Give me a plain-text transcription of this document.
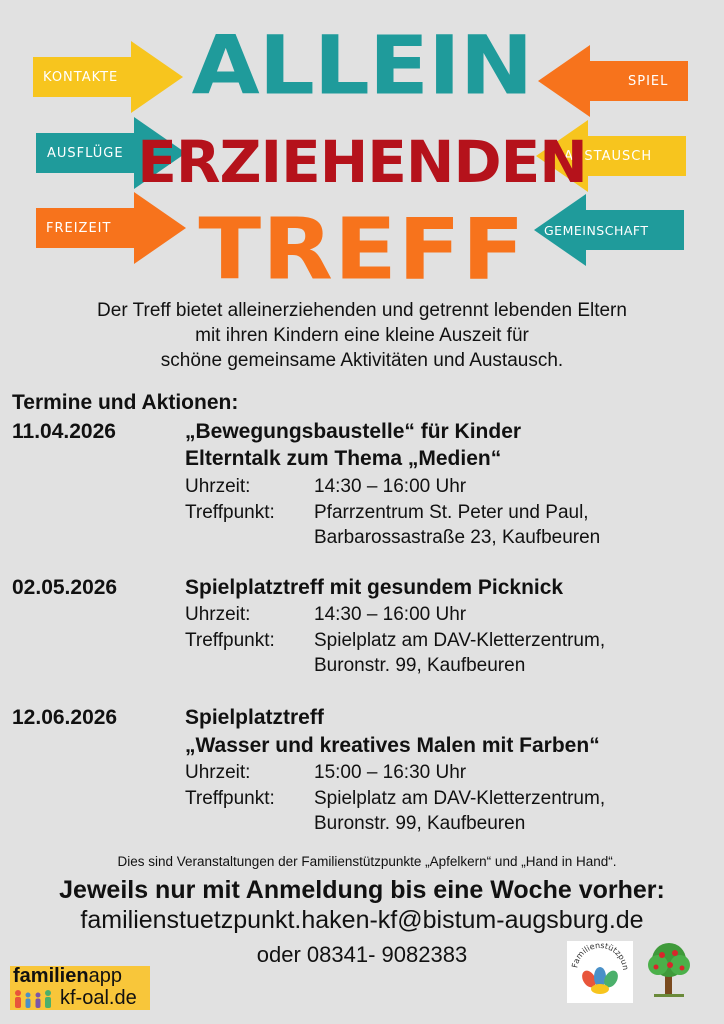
KONTAKTE
AUSFLÜGE
FREIZEIT
SPIEL
AUSTAUSCH
GEMEINSCHAFT
ALLEIN
ERZIEHENDEN
TREFF
Der Treff bietet alleinerziehenden und getrennt lebenden Eltern
mit ihren Kindern eine kleine Auszeit für
schöne gemeinsame Aktivitäten und Austausch.
Termine und Aktionen:
11.04.2026	„Bewegungsbaustelle“ für Kinder
Elterntalk zum Thema „Medien“
Uhrzeit:	14:30 – 16:00 Uhr
Treffpunkt: Pfarrzentrum St. Peter und Paul,
Barbarossastraße 23, Kaufbeuren
02.05.2026	Spielplatztreff mit gesundem Picknick
Uhrzeit:	14:30 – 16:00 Uhr
Treffpunkt: Spielplatz am DAV-Kletterzentrum,
Buronstr. 99, Kaufbeuren
12.06.2026	Spielplatztreff
„Wasser und kreatives Malen mit Farben“
Uhrzeit:	15:00 – 16:30 Uhr
Treffpunkt: Spielplatz am DAV-Kletterzentrum,
Buronstr. 99, Kaufbeuren
Dies sind Veranstaltungen der Familienstützpunkte „Apfelkern“ und „Hand in Hand“.
Jeweils nur mit Anmeldung bis eine Woche vorher:
familienstuetzpunkt.haken-kf@bistum-augsburg.de
oder 08341- 9082383
familienapp
kf-oal.de
Familienstützpun
